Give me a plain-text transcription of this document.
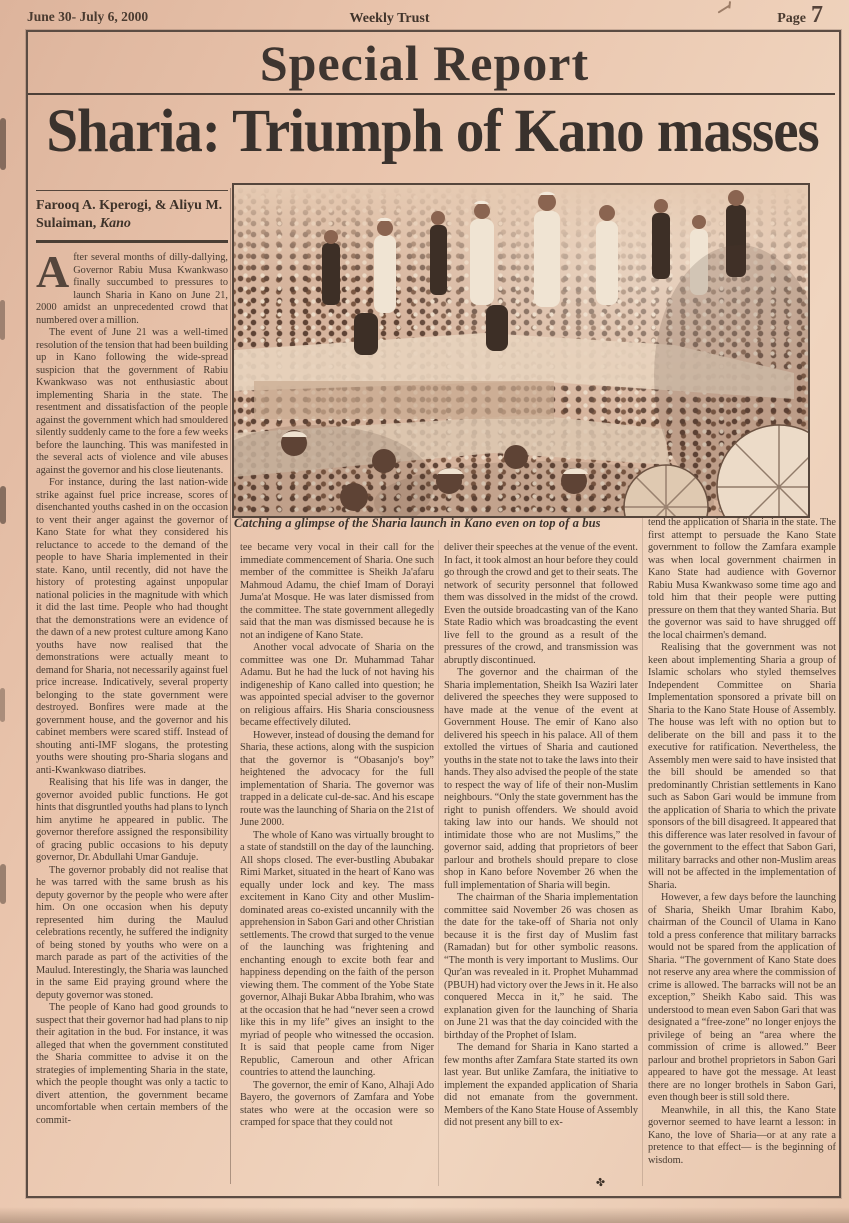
June 30- July 6, 2000	Weekly Trust	Page 7
Special Report
Sharia: Triumph of Kano masses
Catching a glimpse of the Sharia launch in Kano even on top of a bus
Farooq A. Kperogi, & Aliyu M.
Sulaiman, Kano

After several months of dilly-dallying, Governor Rabiu Musa Kwankwaso finally succumbed to pressures to launch Sharia in Kano on June 21, 2000 amidst an unprecedented crowd that numbered over a million.

The event of June 21 was a well-timed resolution of the tension that had been building up in Kano following the wide-spread suspicion that the government of Rabiu Kwankwaso was not enthusiastic about implementing Sharia in the state. The resentment and dissatisfaction of the people against the government which had smouldered silently suddenly came to the fore a few weeks before the launching. This was manifested in the several acts of violence and vile abuses against the governor and his close lieutenants.

For instance, during the last nation-wide strike against fuel price increase, scores of disenchanted youths cashed in on the occasion to vent their anger against the governor of Kano State for what they considered his reluctance to accede to the demand of the people to have Sharia implemented in their state. Kano, until recently, did not have the history of protesting against unpopular national policies in the magnitude with which it did the last time. People who had thought that the demonstrations were an evidence of the dawn of a new protest culture among Kano youths have now realised that the demonstrations were actually meant to demand for Sharia, not necessarily against fuel price increase. Indicatively, several property belonging to the state government were destroyed. Bonfires were made at the government house, and the governor and his cabinet members were scared stiff. Instead of shouting anti-IMF slogans, the protesting youths were shouting pro-Sharia slogans and anti-Kwankwaso diatribes.

Realising that his life was in danger, the governor avoided public functions. He got hints that disgruntled youths had plans to lynch him anytime he appeared in public. The governor therefore assigned the responsibility of gracing public occasions to his deputy governor, Dr. Abdullahi Umar Ganduje.

The governor probably did not realise that he was tarred with the same brush as his deputy governor by the people who were after him. On one occasion when his deputy represented him during the Maulud celebrations recently, he suffered the indignity of being stoned by youths who were on a march parade as part of the activities of the Maulud. Interestingly, the Sharia was launched in the same Eid praying ground where the deputy governor was stoned.

The people of Kano had good grounds to suspect that their governor had had plans to nip their agitation in the bud. For instance, it was alleged that when the government constituted the Sharia committee to advise it on the strategies of implementing Sharia in the state, which the people thought was only a tactic to divert attention, the government became uncomfortable when certain members of the commit-

tee became very vocal in their call for the immediate commencement of Sharia. One such member of the committee is Sheikh Ja'afaru Mahmoud Adamu, the chief Imam of Dorayi Juma'at Mosque. He was later dismissed from the committee. The state government allegedly said that the man was dismissed because he is not an indigene of Kano State.

Another vocal advocate of Sharia on the committee was one Dr. Muhammad Tahar Adamu. But he had the luck of not having his indigeneship of Kano called into question; he was appointed special adviser to the governor on religious affairs. His Sharia consciousness became effectively diluted.

However, instead of dousing the demand for Sharia, these actions, along with the suspicion that the governor is “Obasanjo's boy” heightened the advocacy for the full implementation of Sharia. The governor was trapped in a delicate cul-de-sac. And his escape route was the launching of Sharia on the 21st of June 2000.

The whole of Kano was virtually brought to a state of standstill on the day of the launching. All shops closed. The ever-bustling Abubakar Rimi Market, situated in the heart of Kano was equally under lock and key. The mass excitement in Kano City and other Muslim-dominated areas co-existed uncannily with the apprehension in Sabon Gari and other Christian settlements. The crowd that surged to the venue of the launching was frightening and enchanting enough to excite both fear and happiness depending on the faith of the person viewing them. The comment of the Yobe State governor, Alhaji Bukar Abba Ibrahim, who was at the occasion that he had “never seen a crowd like this in my life” gives an insight to the myriad of people who witnessed the occasion. It is said that people came from Niger Republic, Cameroun and other African countries to attend the launching.

The governor, the emir of Kano, Alhaji Ado Bayero, the governors of Zamfara and Yobe states who were at the occasion were so cramped for space that they could not

deliver their speeches at the venue of the event. In fact, it took almost an hour before they could go through the crowd and get to their seats. The network of security personnel that followed them was dissolved in the midst of the crowd. Even the outside broadcasting van of the Kano State Radio which was broadcasting the event live fell to the ground as a result of the pressures of the crowd, and transmission was abruptly discontinued.

The governor and the chairman of the Sharia implementation, Sheikh Isa Waziri later delivered the speeches they were supposed to have made at the venue of the event at Government House. The emir of Kano also delivered his speech in his palace. All of them extolled the virtues of Sharia and cautioned youths in the state not to take the laws into their hands. They also advised the people of the state to respect the way of life of their non-Muslim neighbours. “Only the state government has the right to punish offenders. We should avoid taking law into our hands. We should not intimidate those who are not Muslims,” the governor said, adding that proprietors of beer parlour and brothels should prepare to close shop in Kano before November 26 when the full implementation of Sharia will begin.

The chairman of the Sharia implementation committee said November 26 was chosen as the date for the take-off of Sharia not only because it is the first day of Muslim fast (Ramadan) but for other symbolic reasons. “The month is very important to Muslims. Our Qur'an was revealed in it. Prophet Muhammad (PBUH) had victory over the Jews in it. He also conquered Mecca in it,” he said. The explanation given for the launching of Sharia on June 21 was that the day coincided with the birthday of the Prophet of Islam.

The demand for Sharia in Kano started a few months after Zamfara State started its own last year. But unlike Zamfara, the initiative to implement the expanded application of Sharia did not emanate from the government. Members of the Kano State House of Assembly did not present any bill to ex-

tend the application of Sharia in the state. The first attempt to persuade the Kano State government to follow the Zamfara example was when local government chairmen in Kano State had audience with Governor Rabiu Musa Kwankwaso some time ago and told him that their people were putting pressure on them that they wanted Sharia. But the governor was said to have shrugged off the local chairmen's demand.

Realising that the government was not keen about implementing Sharia a group of Islamic scholars who styled themselves Independent Committee on Sharia Implementation sponsored a private bill on Sharia to the Kano State House of Assembly. The house was left with no option but to deliberate on the bill and pass it to the executive for ratification. Nevertheless, the Assembly men were said to have insisted that the bill should be amended so that predominantly Christian settlements in Kano such as Sabon Gari would be immune from the application of Sharia to which the private sponsors of the bill disagreed. It appeared that this difference was later resolved in favour of the government to the effect that Sabon Gari, military barracks and other non-Muslim areas will not be affected in the implementation of Sharia.

However, a few days before the launching of Sharia, Sheikh Umar Ibrahim Kabo, chairman of the Council of Ulama in Kano told a press conference that military barracks would not be spared from the application of Sharia. “The government of Kano State does not reserve any area where the commission of crime is allowed. The barracks will not be an exception,” Sheikh Kabo said. This was understood to mean even Sabon Gari that was designated a “free-zone” no longer enjoys the privilege of being an “area where the commission of crime is allowed.” Beer parlour and brothel proprietors in Sabon Gari appeared to have got the message. At least there are no longer brothels in Sabon Gari, even though beer is still sold there.

Meanwhile, in all this, the Kano State governor seemed to have learnt a lesson: in Kano, the love of Sharia—or at any rate a pretence to that effect— is the beginning of wisdom.

✤
